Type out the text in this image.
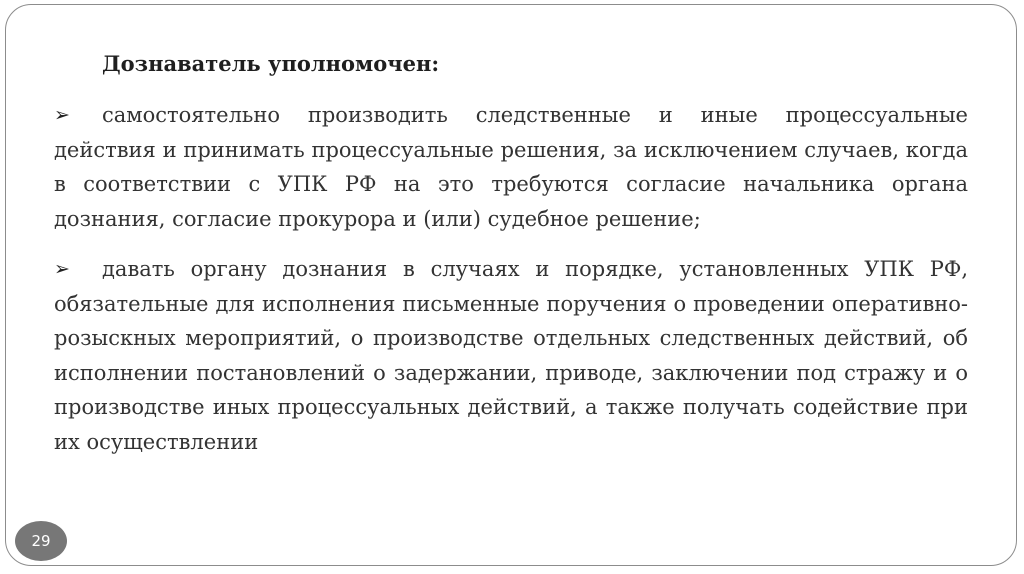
Дознаватель уполномочен:

➢ самостоятельно производить следственные и иные процессуальные действия и принимать процессуальные решения, за исключением случаев, когда в соответствии с УПК РФ на это требуются согласие начальника органа дознания, согласие прокурора и (или) судебное решение;

➢ давать органу дознания в случаях и порядке, установленных УПК РФ, обязательные для исполнения письменные поручения о проведении оперативно-розыскных мероприятий, о производстве отдельных следственных действий, об исполнении постановлений о задержании, приводе, заключении под стражу и о производстве иных процессуальных действий, а также получать содействие при их осуществлении

29
